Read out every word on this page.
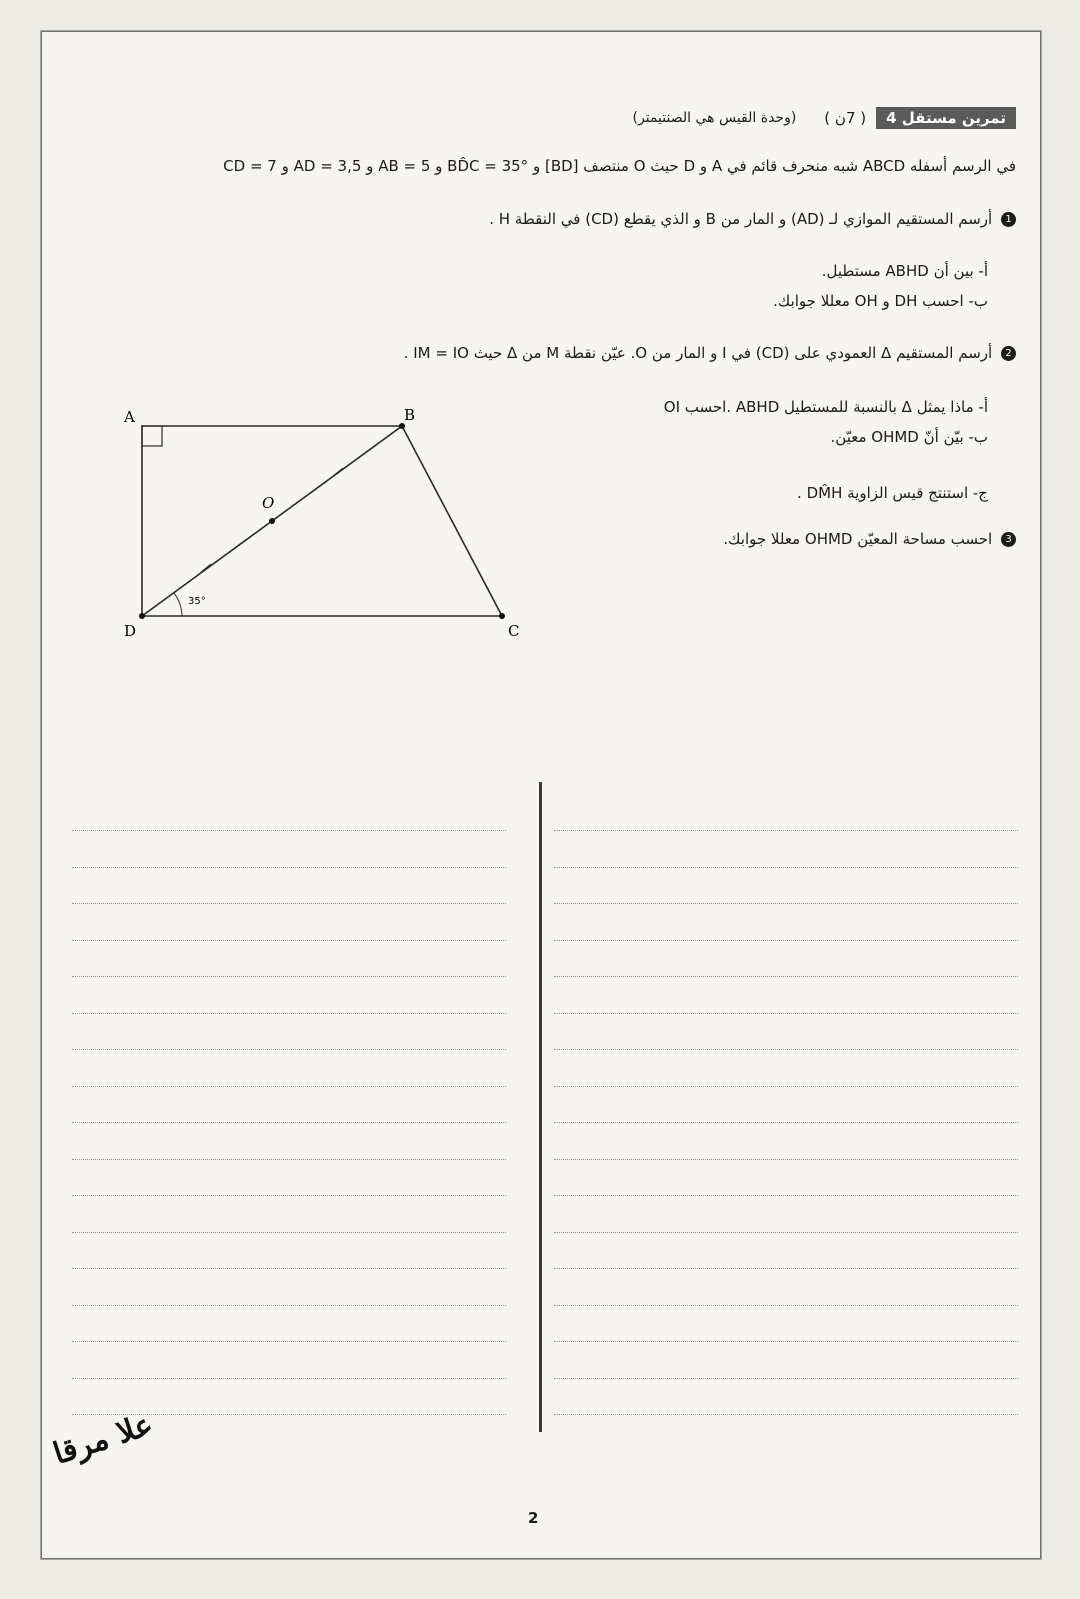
تمرين مستقل 4
( 7ن )
(وحدة القيس هي الصنتيمتر)
في الرسم أسفله ABCD شبه منحرف قائم في A و D حيث O منتصف [BD] و BD̂C = 35° و AB = 5 و AD = 3,5 و CD = 7
1 أرسم المستقيم الموازي لـ (AD) و المار من B و الذي يقطع (CD) في النقطة H .
أ- بين أن ABHD مستطيل.
ب- احسب DH و OH معللا جوابك.
2 أرسم المستقيم Δ العمودي على (CD) في I و المار من O. عيّن نقطة M من Δ حيث IM = IO .
أ- ماذا يمثل Δ بالنسبة للمستطيل ABHD .احسب OI
ب- بيّن أنّ OHMD معيّن.
ج- استنتج قيس الزاوية DM̂H .
3 احسب مساحة المعيّن OHMD معللا جوابك.
A	B
C
D
O
35°
علا مرقا
2
